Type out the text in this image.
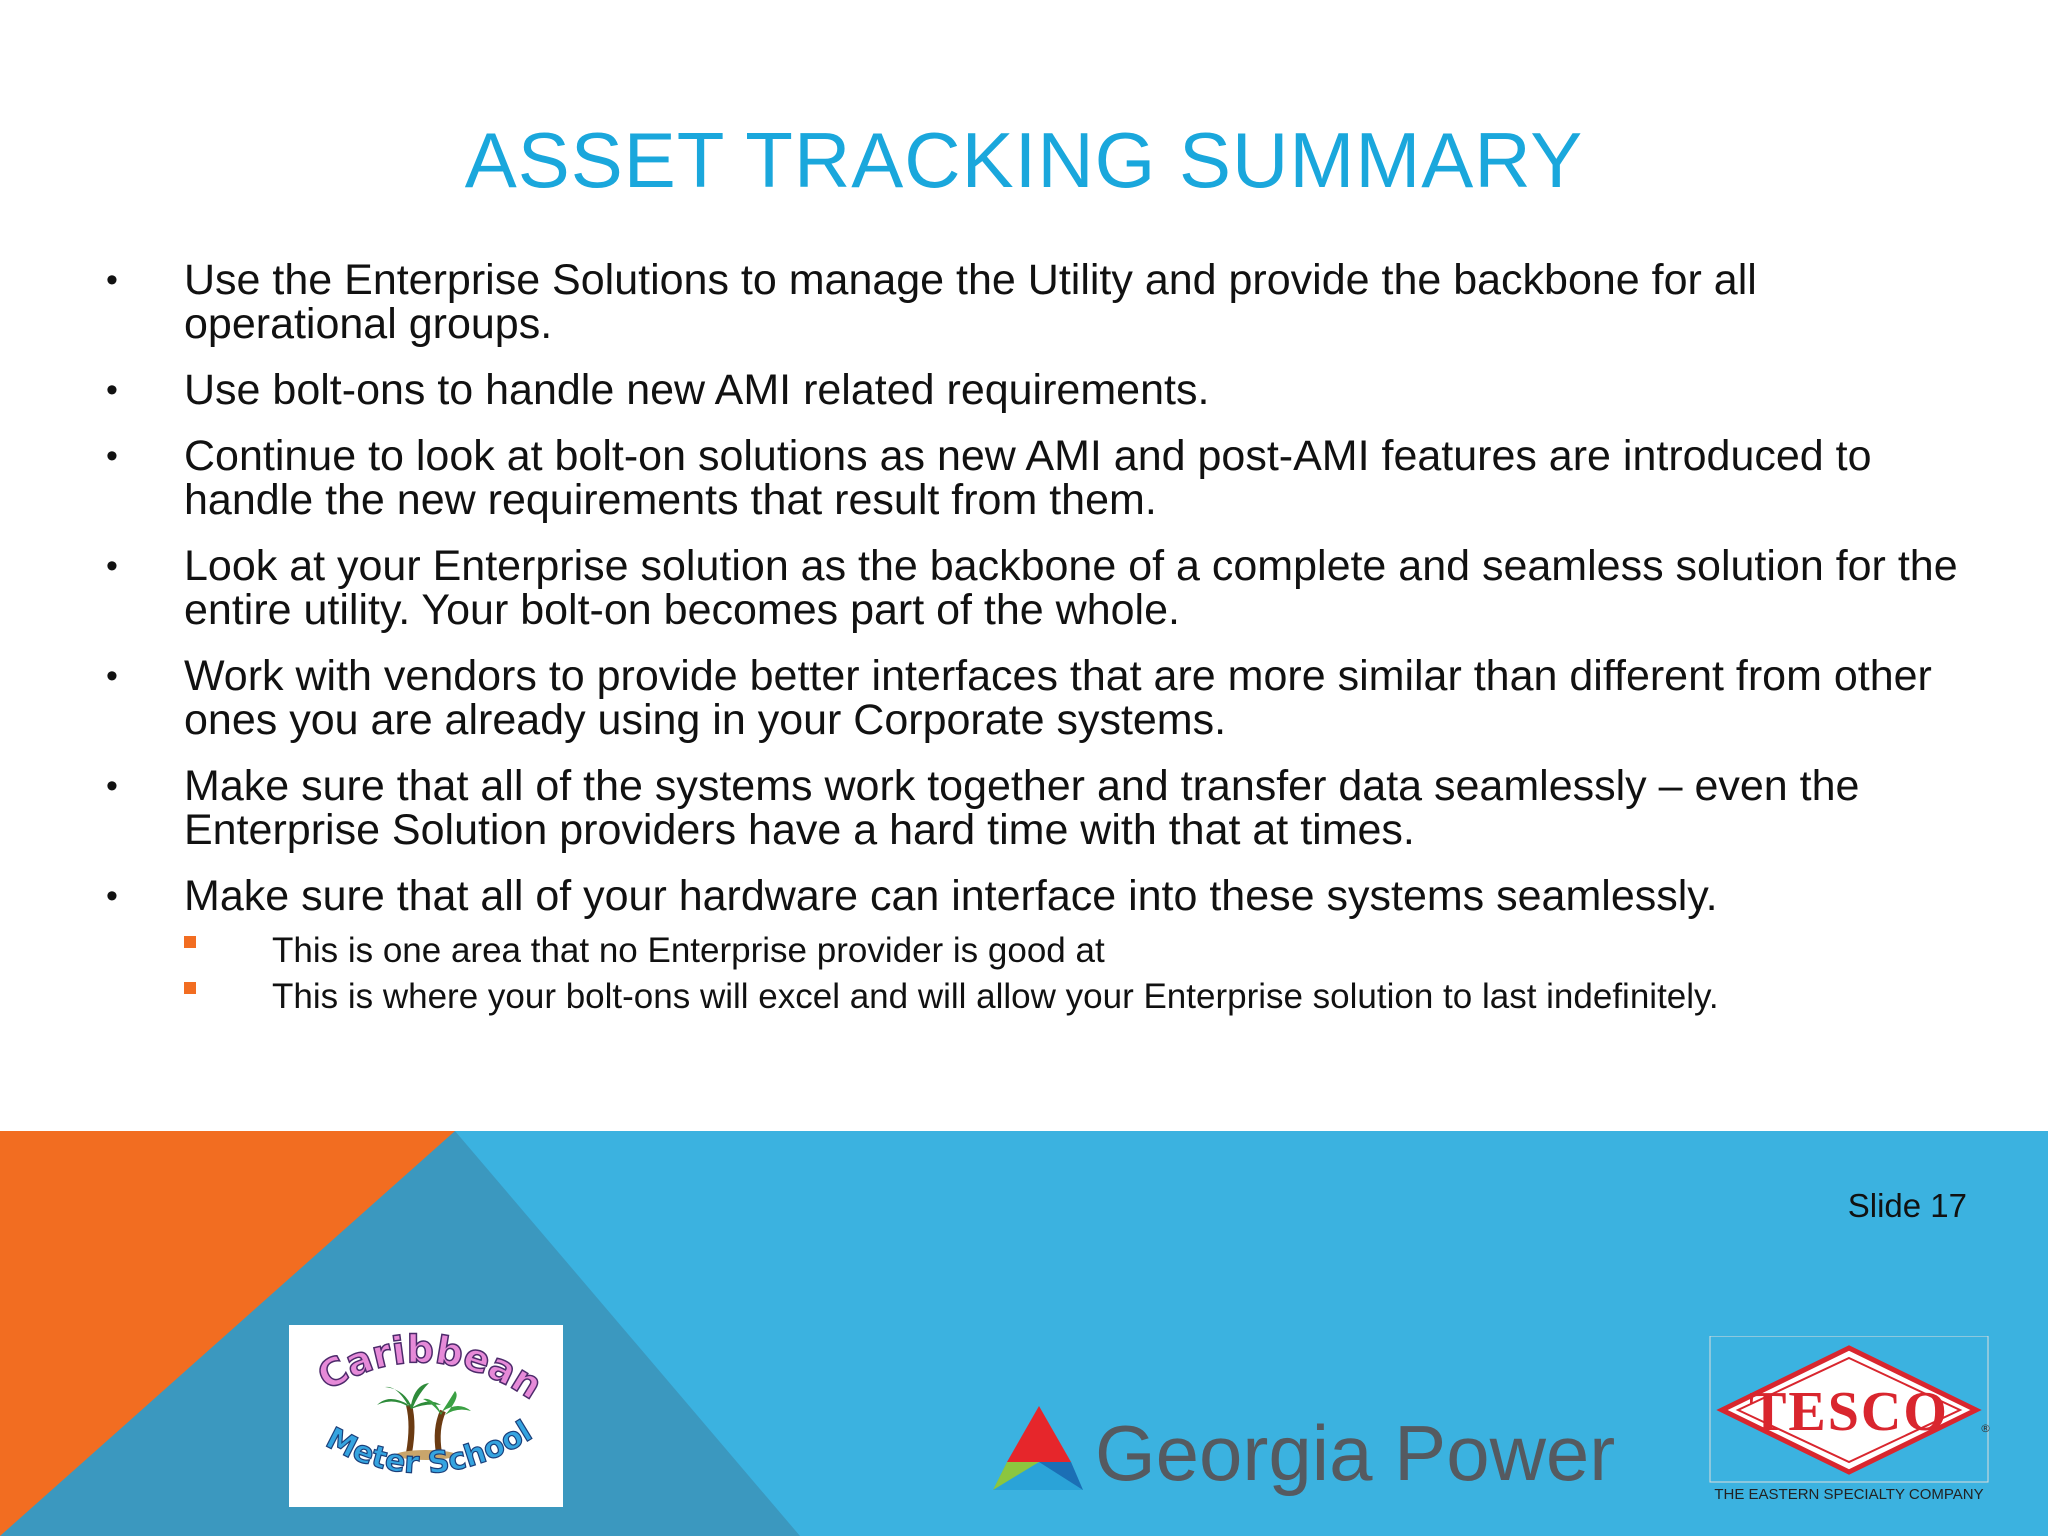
ASSET TRACKING SUMMARY
• Use the Enterprise Solutions to manage the Utility and provide the backbone for all operational groups.
• Use bolt-ons to handle new AMI related requirements.
• Continue to look at bolt-on solutions as new AMI and post-AMI features are introduced to handle the new requirements that result from them.
• Look at your Enterprise solution as the backbone of a complete and seamless solution for the entire utility. Your bolt-on becomes part of the whole.
• Work with vendors to provide better interfaces that are more similar than different from other ones you are already using in your Corporate systems.
• Make sure that all of the systems work together and transfer data seamlessly – even the Enterprise Solution providers have a hard time with that at times.
• Make sure that all of your hardware can interface into these systems seamlessly.
This is one area that no Enterprise provider is good at
This is where your bolt-ons will excel and will allow your Enterprise solution to last indefinitely.
Slide 17
Caribbean
Meter School	Georgia Power TESCO	®
THE EASTERN SPECIALTY COMPANY
